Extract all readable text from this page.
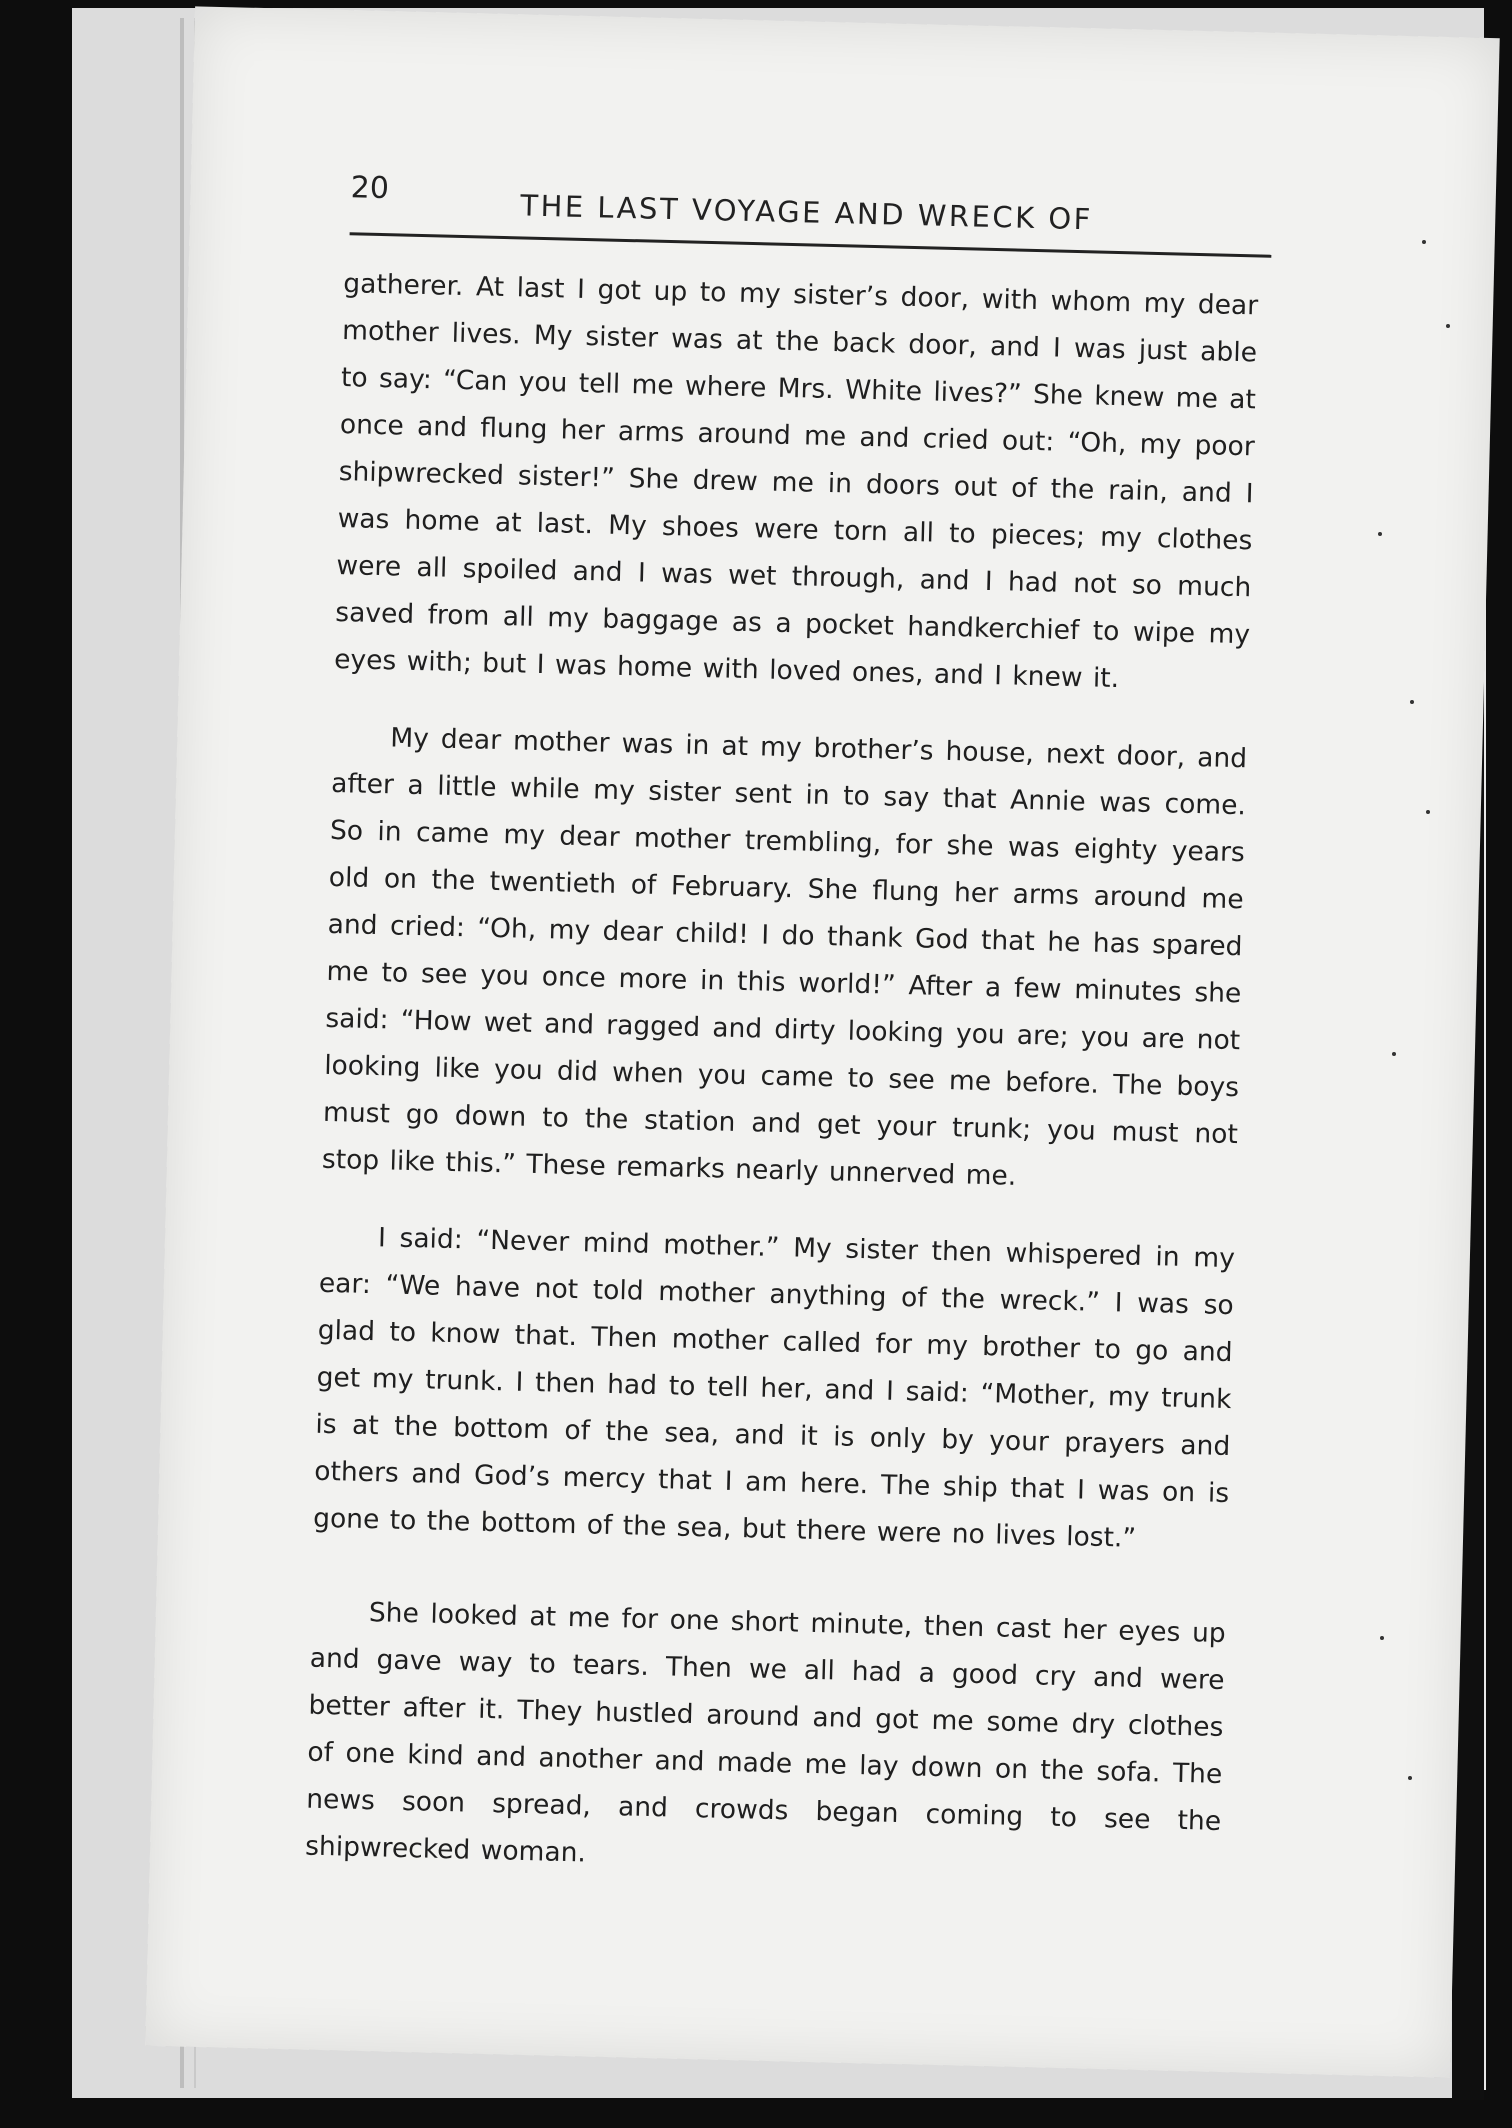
20
THE LAST VOYAGE AND WRECK OF

gatherer. At last I got up to my sister’s door, with whom my dear mother lives. My sister was at the back door, and I was just able to say: “Can you tell me where Mrs. White lives?” She knew me at once and flung her arms around me and cried out: “Oh, my poor shipwrecked sister!” She drew me in doors out of the rain, and I was home at last. My shoes were torn all to pieces; my clothes were all spoiled and I was wet through, and I had not so much saved from all my baggage as a pocket handkerchief to wipe my eyes with; but I was home with loved ones, and I knew it.

My dear mother was in at my brother’s house, next door, and after a little while my sister sent in to say that Annie was come. So in came my dear mother trembling, for she was eighty years old on the twentieth of February. She flung her arms around me and cried: “Oh, my dear child! I do thank God that he has spared me to see you once more in this world!” After a few minutes she said: “How wet and ragged and dirty looking you are; you are not looking like you did when you came to see me before. The boys must go down to the station and get your trunk; you must not stop like this.” These remarks nearly unnerved me.

I said: “Never mind mother.” My sister then whispered in my ear: “We have not told mother anything of the wreck.” I was so glad to know that. Then mother called for my brother to go and get my trunk. I then had to tell her, and I said: “Mother, my trunk is at the bottom of the sea, and it is only by your prayers and others and God’s mercy that I am here. The ship that I was on is gone to the bottom of the sea, but there were no lives lost.”

She looked at me for one short minute, then cast her eyes up and gave way to tears. Then we all had a good cry and were better after it. They hustled around and got me some dry clothes of one kind and another and made me lay down on the sofa. The news soon spread, and crowds began coming to see the shipwrecked woman.
